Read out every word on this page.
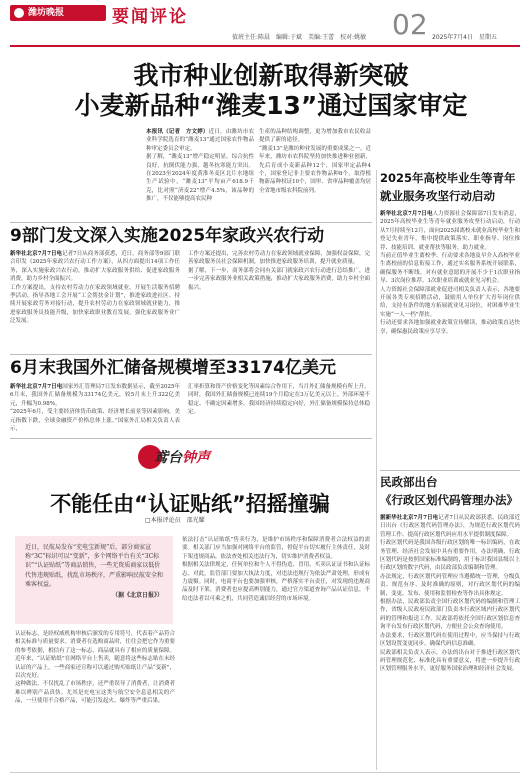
潍坊晚报	要闻评论	02
值班主任:陈晨　编辑:于斌　美编:王蕾　校对:姚敏	2025年7月4日　星期五
我市种业创新取得新突破
小麦新品种“潍麦13”通过国家审定
本报讯（记者　方文婷）近日，由潍坊市农业科学院选育的“潍麦13”通过国家农作物品种审定委员会审定。
据了解，“潍麦13”增产稳定明显，综合抗性良好，抗倒伏能力强，越冬抗寒能力突出。在2023至2024年度黄淮冬麦区北片水地组生产试验中，“潍麦13”平均亩产618.9千克，比对照“济麦22”增产4.5%，该品种的推广，不仅能够提高农民种
生產的品种结构调整，更为增加我市农民收益提供了新的途径。
“潍麦13”是潍坊种业发展的重要成果之一。近年来，潍坊市农科院坚持加快推进种业创新，先后育成小麦新品种12个，国家审定品种4个，国家登记非主要农作物品种8个，取得植物新品种权证10个，国审、省审品种覆盖均居全省地市级农科院前列。
9部门发文深入实施2025年家政兴农行动
新华社北京7月7日电记者7日从商务部获悉，近日，商务部等9部门联合印发《2025年家政兴农行动工作方案》，从四方面提出14项工作任务，深入实施家政兴农行动，推动扩大家政服务供给、促进家政服务消费，助力乡村全面振兴。
工作方案提出，支持农村劳动力在家政领域就业，开展生活服务招聘季活动，指导各地工会开展“工会帮扶金计划”，推进家政进社区。持续开展家政劳务对接行动，提升农村劳动力在家政领域就业能力，推进家政服务员技能升级，加快家政职业教育发展，强化家政服务业广泛发展。
工作方案还提出，完善农村劳动力在家政领域就业保障，加强权益保障，完善家政服务员社会保障机制，加快推进家政服务培训，提升就业质量。
据了解，下一步，商务部将会同有关部门就家政兴农行动进行总结推广，进一步完善家政服务业相关政策措施，推动扩大家政服务消费，助力乡村全面振兴。
6月末我国外汇储备规模增至33174亿美元
新华社北京7月7日电国家外汇管理局7日发布数据显示，截至2025年6月末，我国外汇储备规模为33174亿美元，较5月末上升322亿美元，升幅为0.98%。
“2025年6月，受主要经济体货币政策、经济增长前景等因素影响，美元指数下跌，全球金融资产价格总体上涨。”国家外汇局相关负责人表示，
汇率折算和资产价格变化等因素综合作用下，当月外汇储备规模有所上升。
同时，我国外汇储备规模已连续19个月稳定在3万亿美元以上。外部环境不稳定、不确定因素增多，我国经济持续稳定向好，外汇储备规模保持总体稳定。
鸢台钟声
不能任由“认证贴纸”招摇撞骗
□本报评论员　邵光耀
近日，民航局发布“充电宝新规”后，部分商家宣称“3C”标识可以“变新”，多个网络平台有关“3C标识”“认证贴纸”等商品销售，一些无资质商家以低价代售违规贴纸，扰乱市场秩序，严重影响民航安全和乘客权益。
（据《北京日报》）
认证标志，是经权威机构审核后颁发的专用符号，代表着产品符合相关标准与质量要求。消费者在选购商品时，往往会把它作为重要的参考依据，相信有了这一标志，商品就具有了相应的质量保障。近年来，“认证贴纸”在网络平台上售卖，随意将这些标志贴在未经认证的产品上，一些商家还宣称可以通过购买贴纸让产品“变新”，以次充好。
这种做法，不仅扰乱了市场秩序，还严重误导了消费者，让消费者难以辨别产品真伪。尤其是充电宝这类与航空安全息息相关的产品，一旦使用不合格产品，可能引发起火、爆炸等严重后果。
依法打击“认证贴纸”售卖行为，是维护市场秩序和保障消费者合法权益的需要。相关部门应当加强对网络平台的监管，督促平台切实履行主体责任，及时下架违规商品，依法查处相关违法行为，切实维护消费者权益。
根据相关法律规定，任何单位和个人不得伪造、冒用、买卖认证证书和认证标志。对此，监管部门要加大执法力度，对违法违规行为依法严肃处理，形成有力震慑。同时，电商平台也要加强审核，严格落实平台责任，对发现的违规商品及时下架。消费者也应提高辨别能力，通过官方渠道查询产品认证信息，不给违法者以可乘之机，共同营造诚信经营的市场环境。
2025年高校毕业生等青年
就业服务攻坚行动启动
新华社北京7月7日电人力资源社会保障部7日发布消息，2025年高校毕业生等青年就业服务攻坚行动启动，行动从7月持续至12月，面向2025届离校未就业高校毕业生和登记失业青年，集中提供政策落实、职业指导、岗位推荐、技能培训、就业帮扶等服务，助力就业。
当前正值毕业生离校季。行动要求各地及早介入高校毕业生离校前的信息衔接工作，通过实名服务系统开展联系，确保服务不断线。对有就业意愿的开展不少于1次职业指导、3次岗位推荐、1次职业培训或就业见习机会。
人力资源社会保障部就业促进司相关负责人表示，各地要开展各类专项招聘活动，鼓励用人单位扩大青年岗位供给，支持有条件的地方拓展就业见习岗位，对困难毕业生实施“一人一档”帮扶。
行动还要求各地加强就业政策宣传解读，推动政策直达快享，确保惠民政策应享尽享。
民政部出台
《行政区划代码管理办法》
据新华社北京7月7日电记者7日从民政部获悉，民政部近日出台《行政区划代码管理办法》，为规范行政区划代码管理工作、提高行政区划代码应用水平提供制度保障。
行政区划代码是我国各级行政区划的唯一标识编码，在政务管理、经济社会发展中具有重要作用。办法明确，行政区划代码是按照国家标准编制的，用于标识我国县级以上行政区划的数字代码，由民政部负责编制和管理。
办法规定，行政区划代码管理应当遵循统一管理、分级负责、规范有序、及时准确的原则，对行政区划代码的编制、变更、发布、使用和监督检查等作出具体规定。
根据办法，民政部负责全国行政区划代码的编制和管理工作，省级人民政府民政部门负责本行政区域内行政区划代码的管理和报送工作。民政部将依托全国行政区划信息查询平台发布行政区划代码，方便社会公众查询使用。
办法要求，行政区划代码在使用过程中，应当保持与行政区划设置变更同步，确保代码信息准确。
民政部相关负责人表示，办法的出台对于推进行政区划代码管理规范化、标准化具有重要意义，将进一步提升行政区划管理服务水平，更好服务国家治理和经济社会发展。
